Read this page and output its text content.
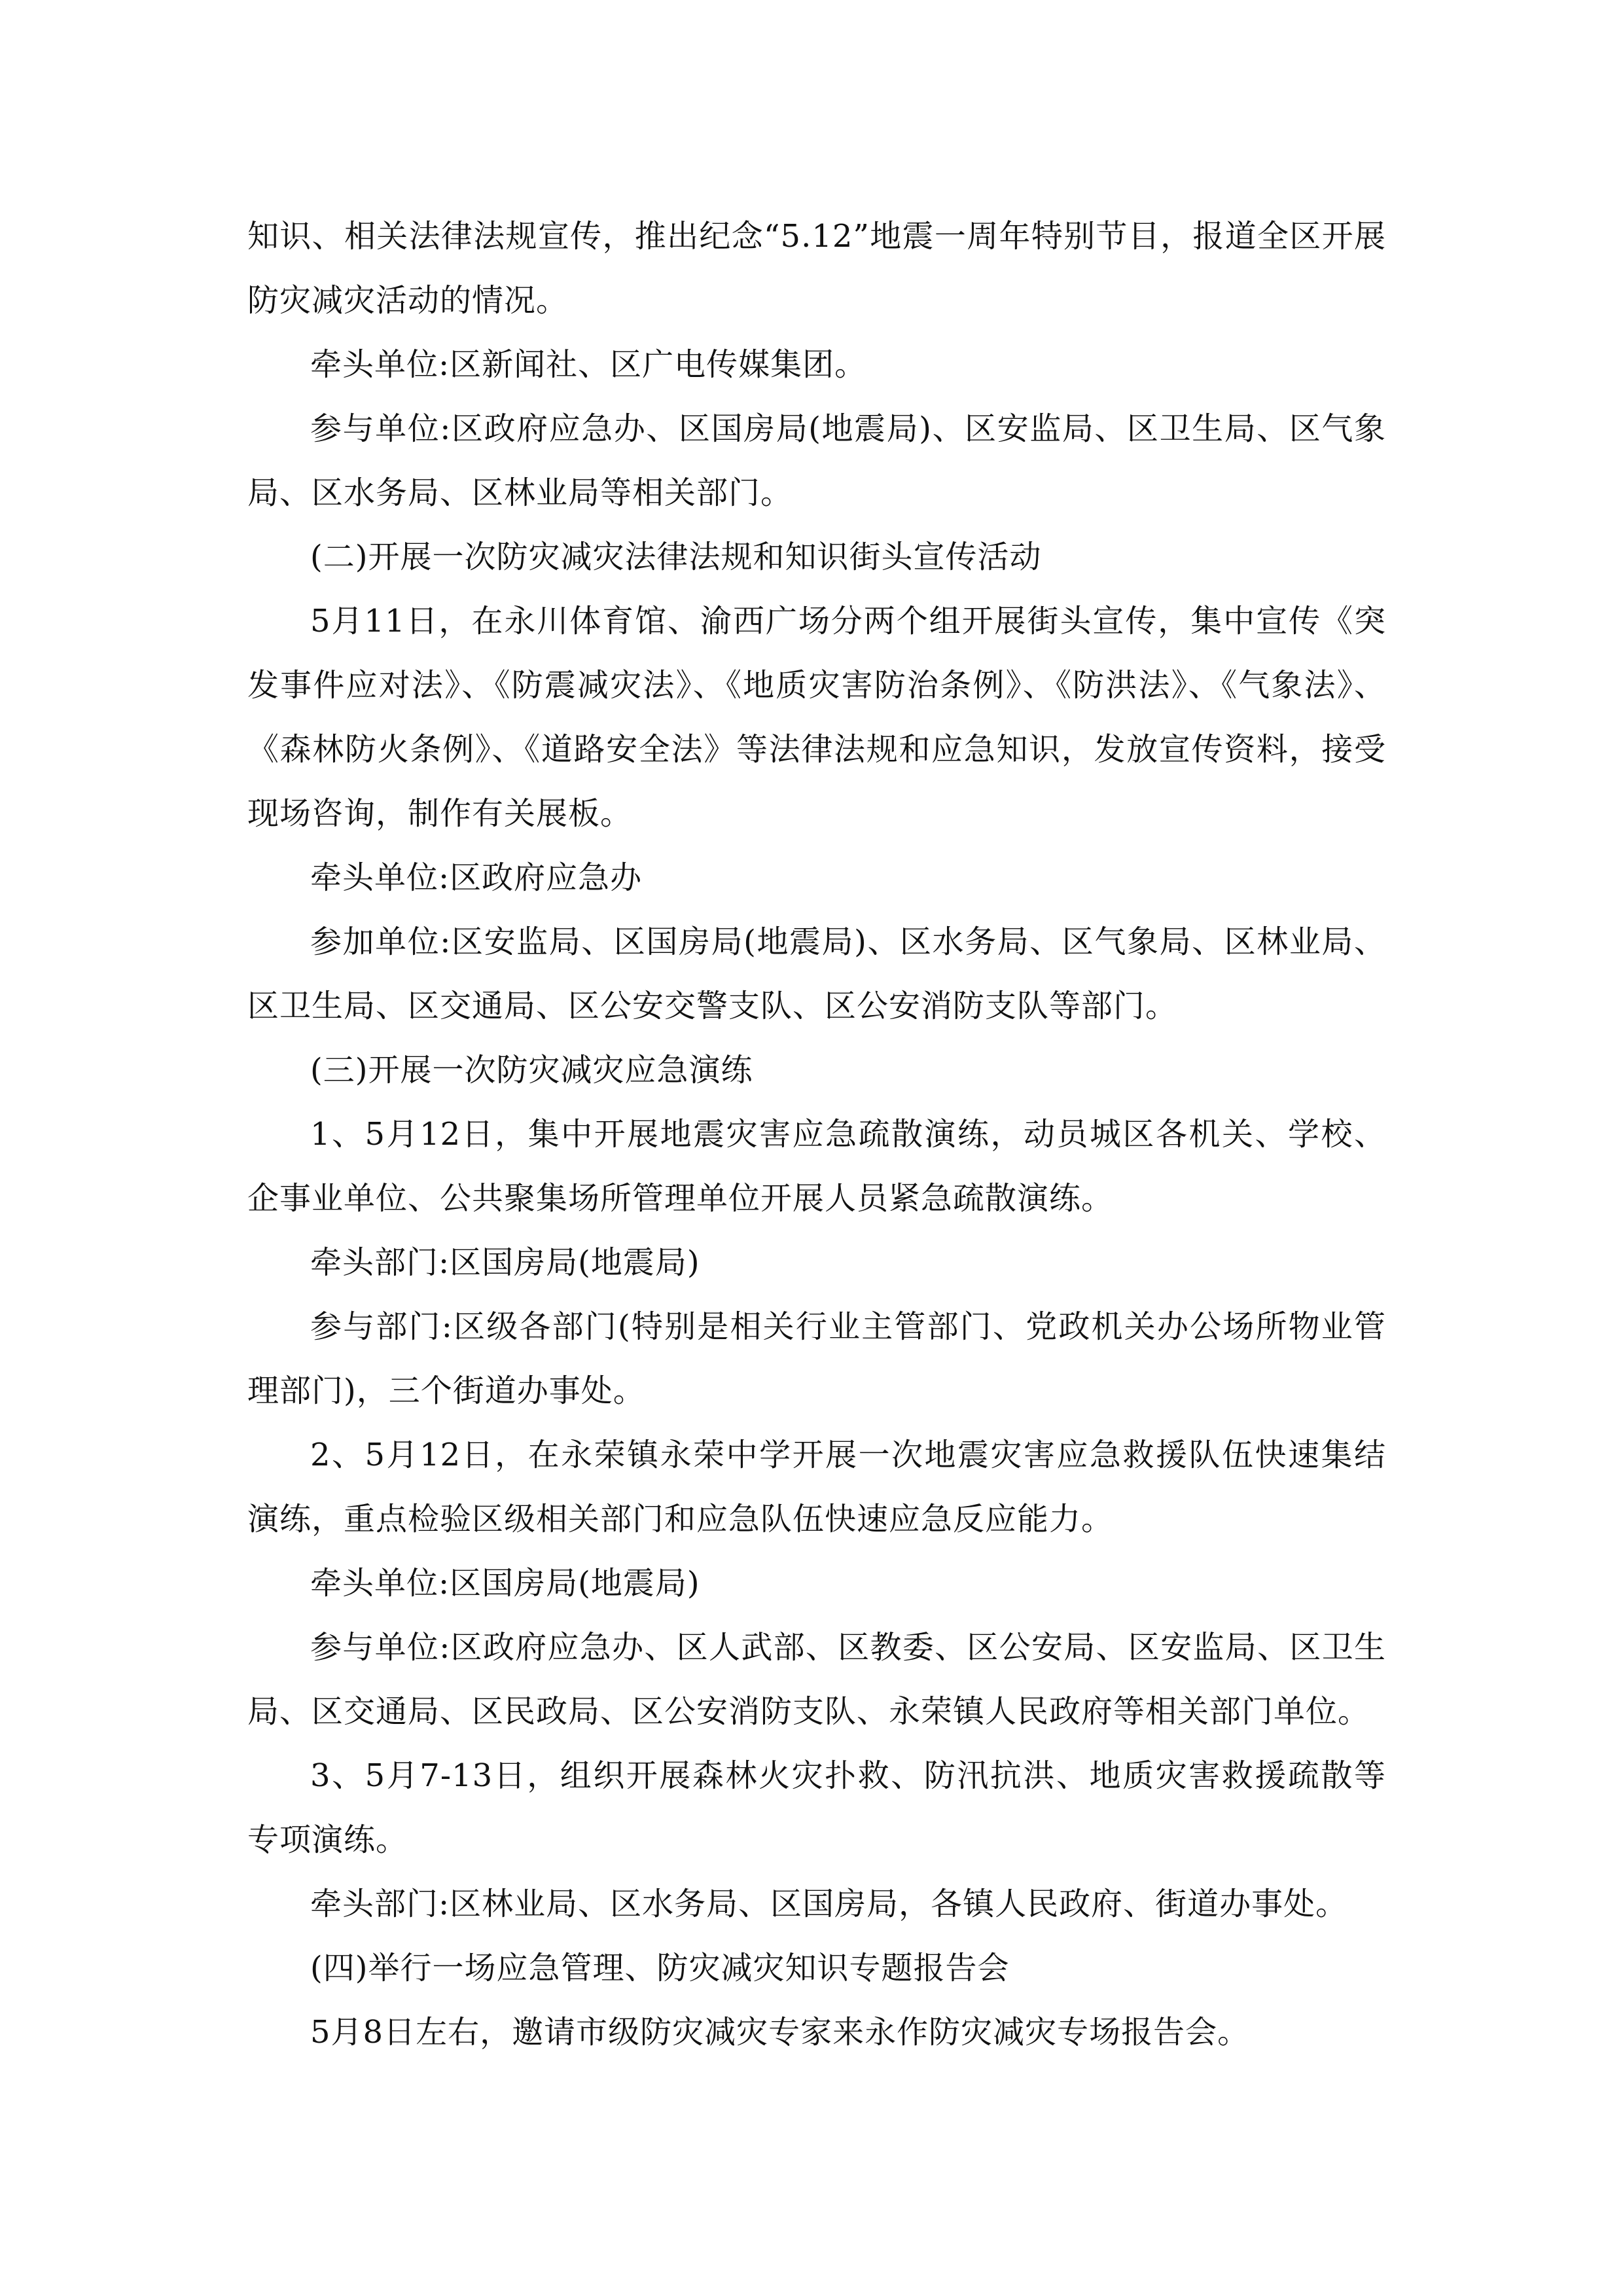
知识、相关法律法规宣传，推出纪念“5.12”地震一周年特别节目，报道全区开展防灾减灾活动的情况。

牵头单位:区新闻社、区广电传媒集团。

参与单位:区政府应急办、区国房局(地震局)、区安监局、区卫生局、区气象局、区水务局、区林业局等相关部门。

(二)开展一次防灾减灾法律法规和知识街头宣传活动

5月11日，在永川体育馆、渝西广场分两个组开展街头宣传，集中宣传《突发事件应对法》、《防震减灾法》、《地质灾害防治条例》、《防洪法》、《气象法》、《森林防火条例》、《道路安全法》等法律法规和应急知识，发放宣传资料，接受现场咨询，制作有关展板。

牵头单位:区政府应急办

参加单位:区安监局、区国房局(地震局)、区水务局、区气象局、区林业局、区卫生局、区交通局、区公安交警支队、区公安消防支队等部门。

(三)开展一次防灾减灾应急演练

1、5月12日，集中开展地震灾害应急疏散演练，动员城区各机关、学校、企事业单位、公共聚集场所管理单位开展人员紧急疏散演练。

牵头部门:区国房局(地震局)

参与部门:区级各部门(特别是相关行业主管部门、党政机关办公场所物业管理部门)，三个街道办事处。

2、5月12日，在永荣镇永荣中学开展一次地震灾害应急救援队伍快速集结演练，重点检验区级相关部门和应急队伍快速应急反应能力。

牵头单位:区国房局(地震局)

参与单位:区政府应急办、区人武部、区教委、区公安局、区安监局、区卫生局、区交通局、区民政局、区公安消防支队、永荣镇人民政府等相关部门单位。

3、5月7-13日，组织开展森林火灾扑救、防汛抗洪、地质灾害救援疏散等专项演练。

牵头部门:区林业局、区水务局、区国房局，各镇人民政府、街道办事处。

(四)举行一场应急管理、防灾减灾知识专题报告会

5月8日左右，邀请市级防灾减灾专家来永作防灾减灾专场报告会。
